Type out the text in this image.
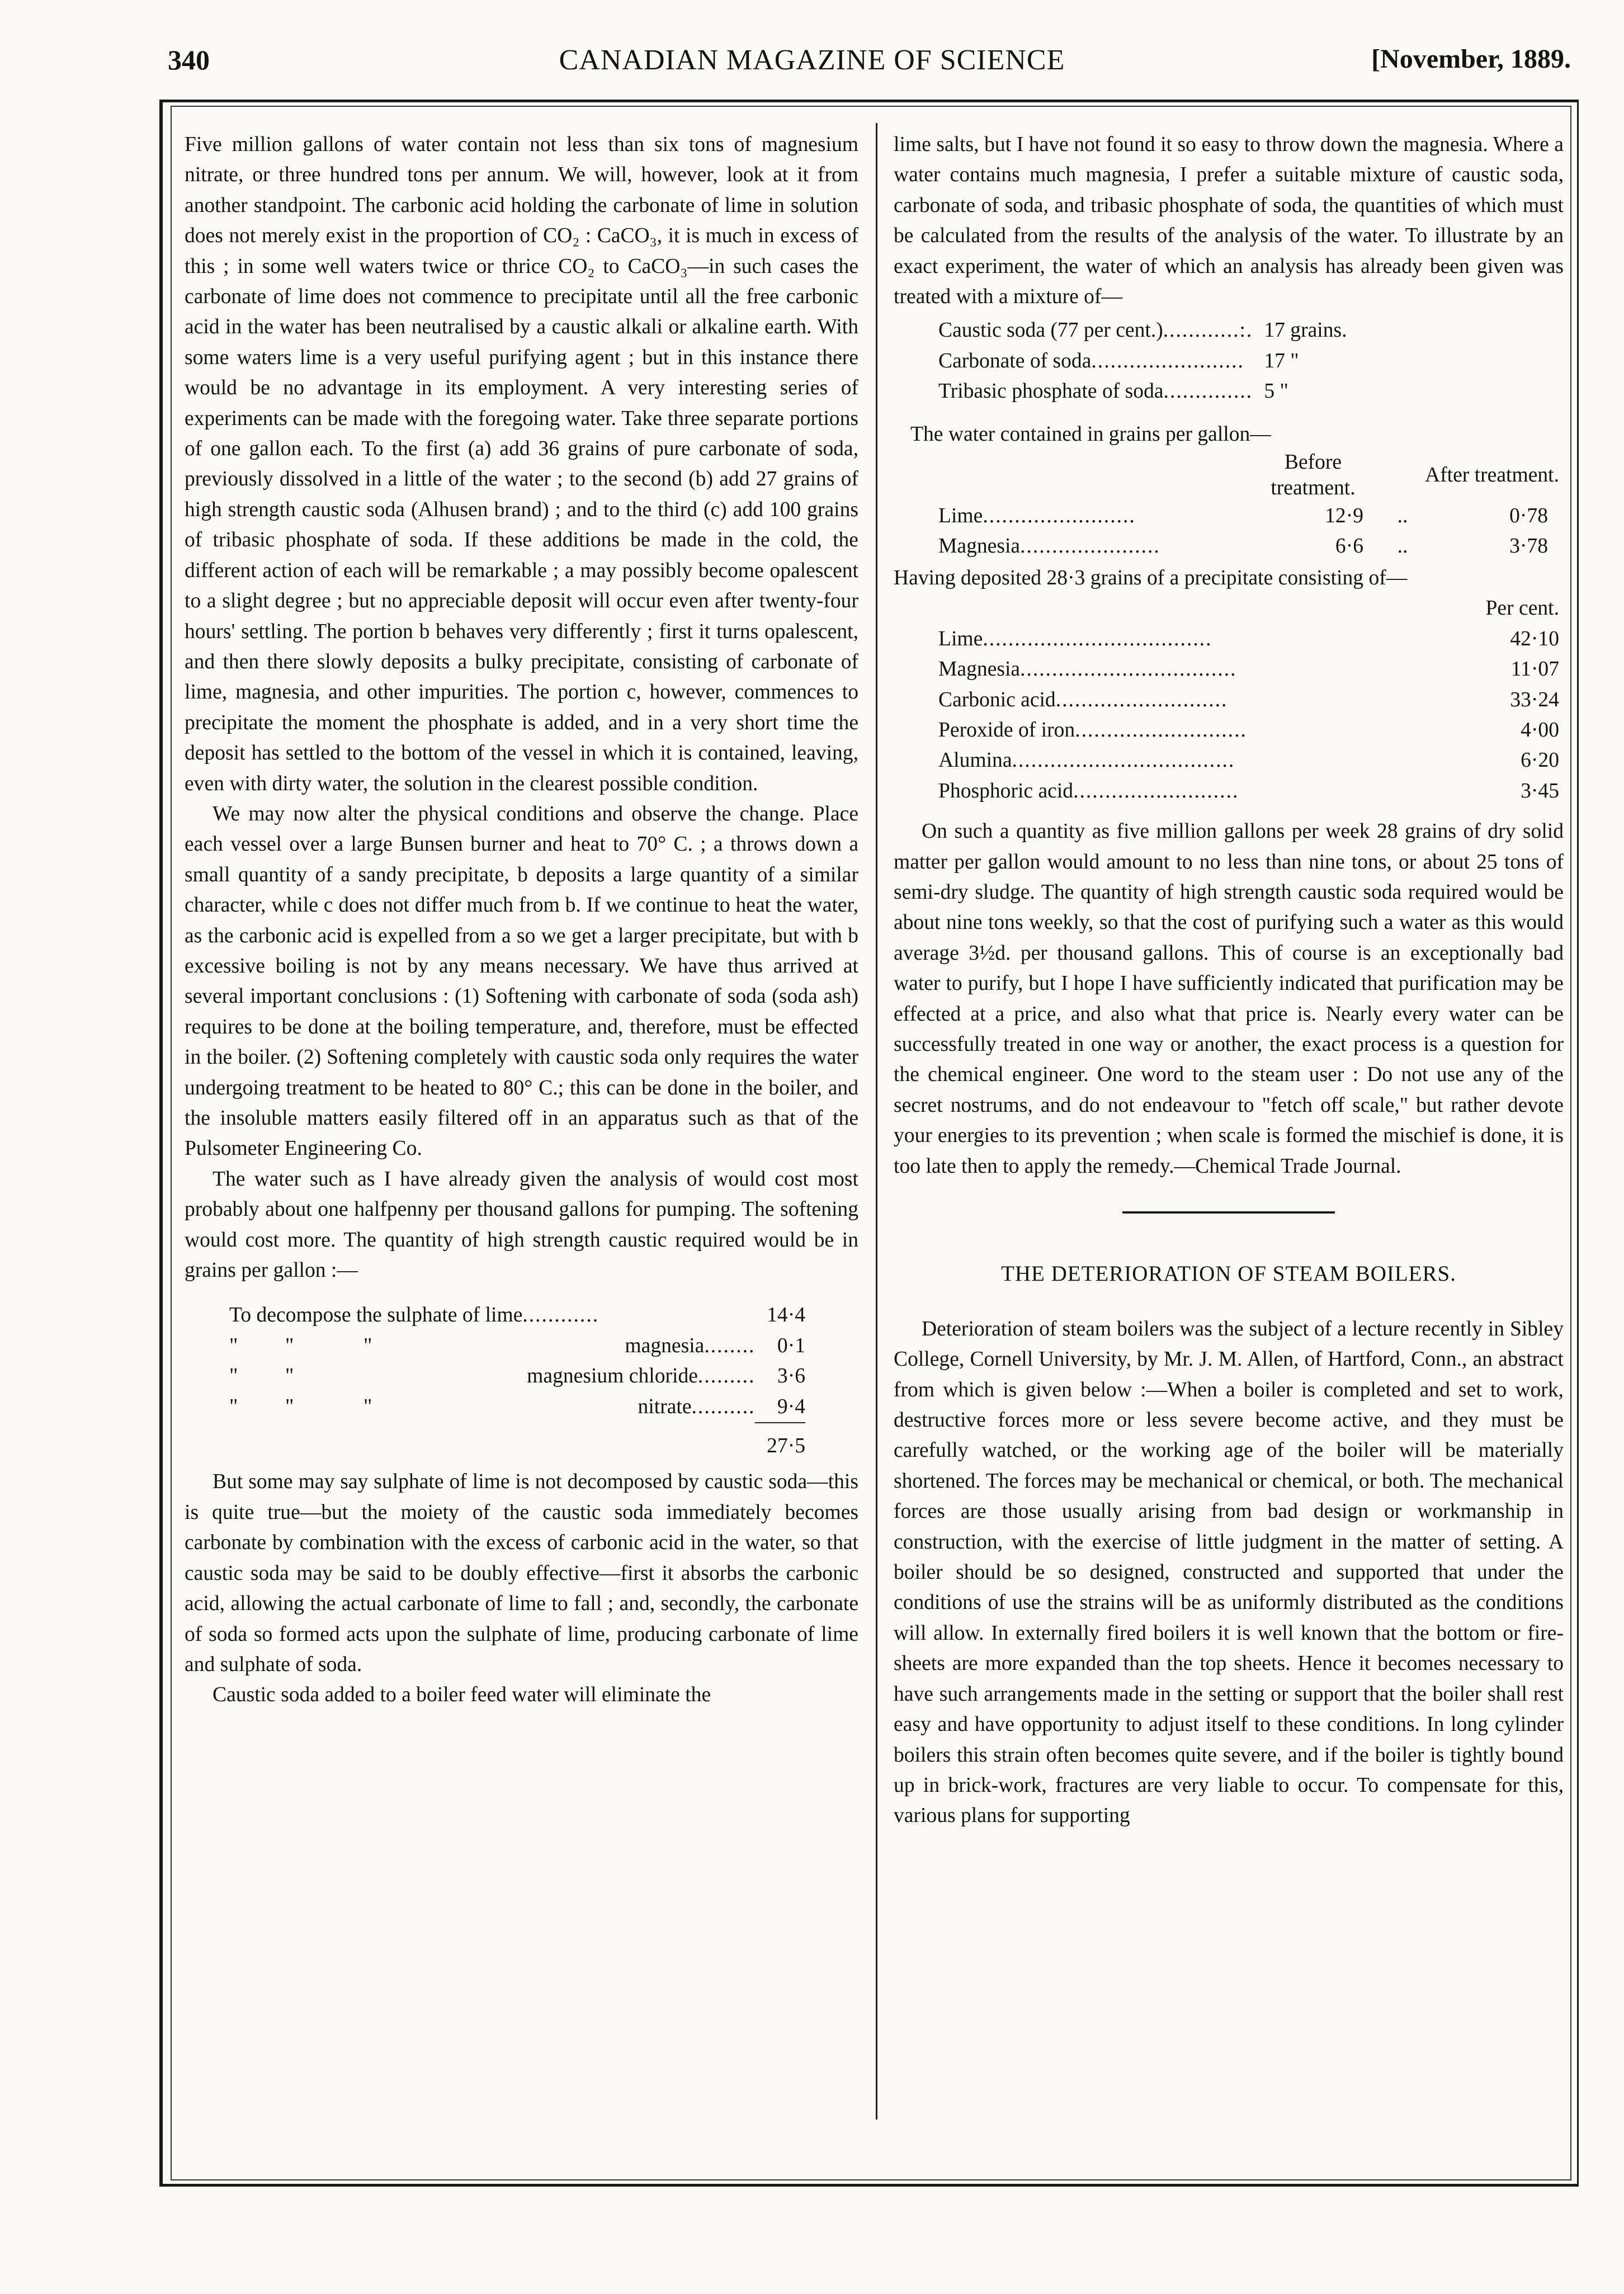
340	CANADIAN MAGAZINE OF SCIENCE	[November, 1889.

Five million gallons of water contain not less than six tons of magnesium nitrate, or three hundred tons per annum. We will, however, look at it from another standpoint. The carbonic acid holding the carbonate of lime in solution does not merely exist in the proportion of CO₂ : CaCO₃, it is much in excess of this ; in some well waters twice or thrice CO₂ to CaCO₃—in such cases the carbonate of lime does not commence to precipitate until all the free carbonic acid in the water has been neutralised by a caustic alkali or alkaline earth. With some waters lime is a very useful purifying agent ; but in this instance there would be no advantage in its employment. A very interesting series of experiments can be made with the foregoing water. Take three separate portions of one gallon each. To the first (a) add 36 grains of pure carbonate of soda, previously dissolved in a little of the water ; to the second (b) add 27 grains of high strength caustic soda (Alhusen brand) ; and to the third (c) add 100 grains of tribasic phosphate of soda. If these additions be made in the cold, the different action of each will be remarkable ; a may possibly become opalescent to a slight degree ; but no appreciable deposit will occur even after twenty-four hours' settling. The portion b behaves very differently ; first it turns opalescent, and then there slowly deposits a bulky precipitate, consisting of carbonate of lime, magnesia, and other impurities. The portion c, however, commences to precipitate the moment the phosphate is added, and in a very short time the deposit has settled to the bottom of the vessel in which it is contained, leaving, even with dirty water, the solution in the clearest possible condition.

We may now alter the physical conditions and observe the change. Place each vessel over a large Bunsen burner and heat to 70° C. ; a throws down a small quantity of a sandy precipitate, b deposits a large quantity of a similar character, while c does not differ much from b. If we continue to heat the water, as the carbonic acid is expelled from a so we get a larger precipitate, but with b excessive boiling is not by any means necessary. We have thus arrived at several important conclusions : (1) Softening with carbonate of soda (soda ash) requires to be done at the boiling temperature, and, therefore, must be effected in the boiler. (2) Softening completely with caustic soda only requires the water undergoing treatment to be heated to 80° C.; this can be done in the boiler, and the insoluble matters easily filtered off in an apparatus such as that of the Pulsometer Engineering Co.

The water such as I have already given the analysis of would cost most probably about one halfpenny per thousand gallons for pumping. The softening would cost more. The quantity of high strength caustic required would be in grains per gallon :—

To decompose the sulphate of lime............				14·4
"	"	"	magnesia........	0·1
"	"		magnesium chloride.........	3·6
"	"	"	nitrate..........	9·4
				27·5

But some may say sulphate of lime is not decomposed by caustic soda—this is quite true—but the moiety of the caustic soda immediately becomes carbonate by combination with the excess of carbonic acid in the water, so that caustic soda may be said to be doubly effective—first it absorbs the carbonic acid, allowing the actual carbonate of lime to fall ; and, secondly, the carbonate of soda so formed acts upon the sulphate of lime, producing carbonate of lime and sulphate of soda.

Caustic soda added to a boiler feed water will eliminate the

lime salts, but I have not found it so easy to throw down the magnesia. Where a water contains much magnesia, I prefer a suitable mixture of caustic soda, carbonate of soda, and tribasic phosphate of soda, the quantities of which must be calculated from the results of the analysis of the water. To illustrate by an exact experiment, the water of which an analysis has already been given was treated with a mixture of—

Caustic soda (77 per cent.)............:.	17 grains.
Carbonate of soda........................	17 "
Tribasic phosphate of soda..............	5 "

The water contained in grains per gallon—

	Before treatment.		After treatment.
Lime........................	12·9	..	0·78
Magnesia......................	6·6	..	3·78

Having deposited 28·3 grains of a precipitate consisting of—

	Per cent.
Lime....................................	42·10
Magnesia..................................	11·07
Carbonic acid...........................	33·24
Peroxide of iron...........................	4·00
Alumina...................................	6·20
Phosphoric acid..........................	3·45

On such a quantity as five million gallons per week 28 grains of dry solid matter per gallon would amount to no less than nine tons, or about 25 tons of semi-dry sludge. The quantity of high strength caustic soda required would be about nine tons weekly, so that the cost of purifying such a water as this would average 3½d. per thousand gallons. This of course is an exceptionally bad water to purify, but I hope I have sufficiently indicated that purification may be effected at a price, and also what that price is. Nearly every water can be successfully treated in one way or another, the exact process is a question for the chemical engineer. One word to the steam user : Do not use any of the secret nostrums, and do not endeavour to "fetch off scale," but rather devote your energies to its prevention ; when scale is formed the mischief is done, it is too late then to apply the remedy.—Chemical Trade Journal.

THE DETERIORATION OF STEAM BOILERS.

Deterioration of steam boilers was the subject of a lecture recently in Sibley College, Cornell University, by Mr. J. M. Allen, of Hartford, Conn., an abstract from which is given below :—When a boiler is completed and set to work, destructive forces more or less severe become active, and they must be carefully watched, or the working age of the boiler will be materially shortened. The forces may be mechanical or chemical, or both. The mechanical forces are those usually arising from bad design or workmanship in construction, with the exercise of little judgment in the matter of setting. A boiler should be so designed, constructed and supported that under the conditions of use the strains will be as uniformly distributed as the conditions will allow. In externally fired boilers it is well known that the bottom or fire-sheets are more expanded than the top sheets. Hence it becomes necessary to have such arrangements made in the setting or support that the boiler shall rest easy and have opportunity to adjust itself to these conditions. In long cylinder boilers this strain often becomes quite severe, and if the boiler is tightly bound up in brick-work, fractures are very liable to occur. To compensate for this, various plans for supporting
